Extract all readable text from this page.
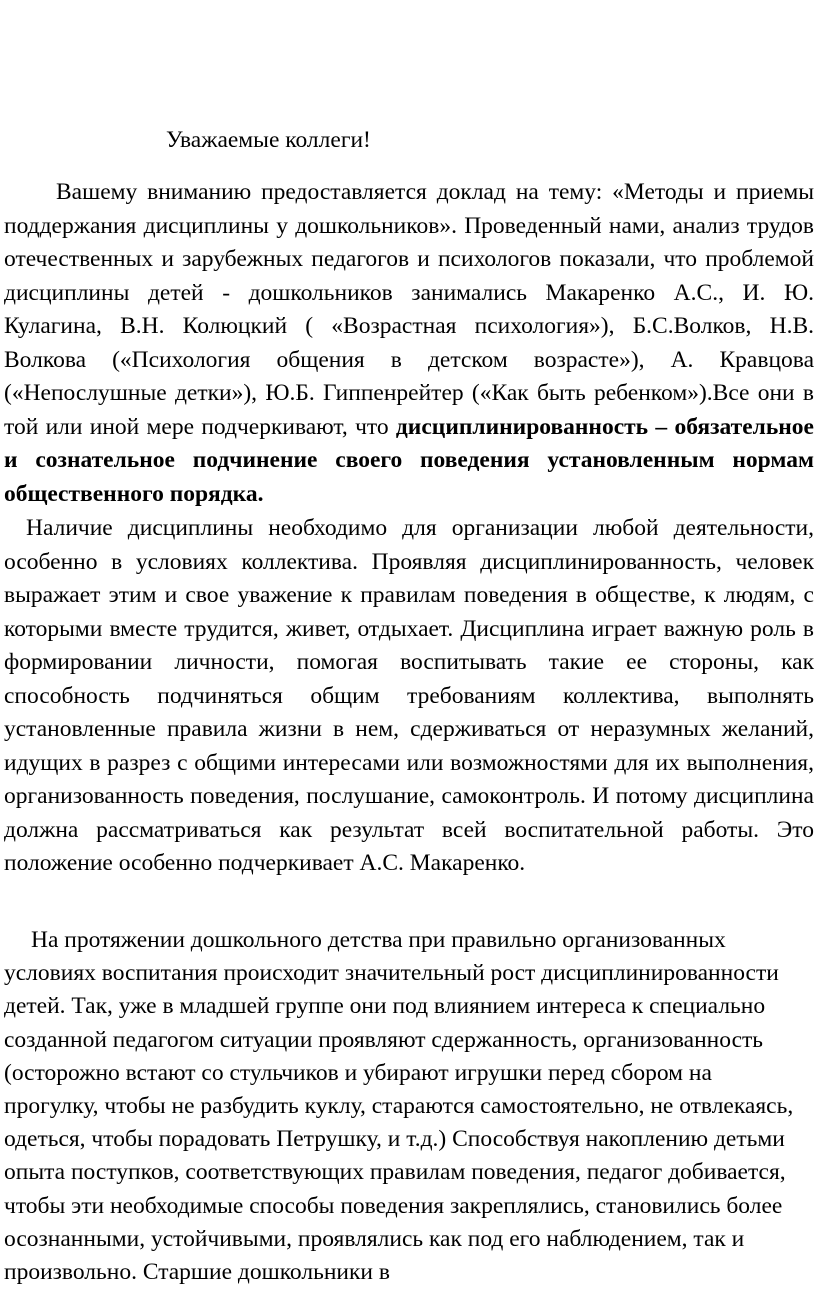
Уважаемые коллеги!

Вашему вниманию предоставляется доклад на тему: «Методы и приемы поддержания дисциплины у дошкольников». Проведенный нами, анализ трудов отечественных и зарубежных педагогов и психологов показали, что проблемой дисциплины детей - дошкольников занимались Макаренко А.С., И. Ю. Кулагина, В.Н. Колюцкий ( «Возрастная психология»), Б.С.Волков, Н.В. Волкова («Психология общения в детском возрасте»), А. Кравцова («Непослушные детки»), Ю.Б. Гиппенрейтер («Как быть ребенком»).Все они в той или иной мере подчеркивают, что дисциплинированность – обязательное и сознательное подчинение своего поведения установленным нормам общественного порядка.

Наличие дисциплины необходимо для организации любой деятельности, особенно в условиях коллектива. Проявляя дисциплинированность, человек выражает этим и свое уважение к правилам поведения в обществе, к людям, с которыми вместе трудится, живет, отдыхает. Дисциплина играет важную роль в формировании личности, помогая воспитывать такие ее стороны, как способность подчиняться общим требованиям коллектива, выполнять установленные правила жизни в нем, сдерживаться от неразумных желаний, идущих в разрез с общими интересами или возможностями для их выполнения, организованность поведения, послушание, самоконтроль. И потому дисциплина должна рассматриваться как результат всей воспитательной работы. Это положение особенно подчеркивает А.С. Макаренко.

На протяжении дошкольного детства при правильно организованных условиях воспитания происходит значительный рост дисциплинированности детей. Так, уже в младшей группе они под влиянием интереса к специально созданной педагогом ситуации проявляют сдержанность, организованность (осторожно встают со стульчиков и убирают игрушки перед сбором на прогулку, чтобы не разбудить куклу, стараются самостоятельно, не отвлекаясь, одеться, чтобы порадовать Петрушку, и т.д.) Способствуя накоплению детьми опыта поступков, соответствующих правилам поведения, педагог добивается, чтобы эти необходимые способы поведения закреплялись, становились более осознанными, устойчивыми, проявлялись как под его наблюдением, так и произвольно. Старшие дошкольники в
